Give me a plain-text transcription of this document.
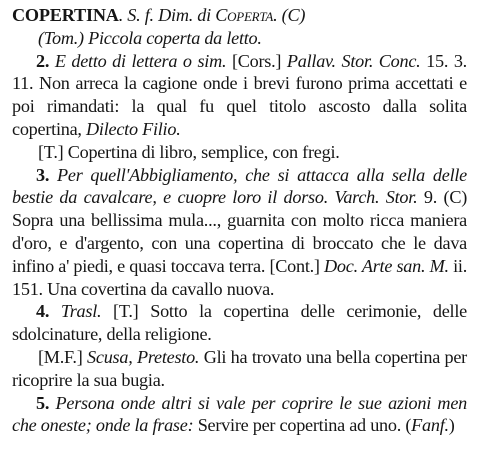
COPERTINA. S. f. Dim. di Coperta. (C)

(Tom.) Piccola coperta da letto.

2. E detto di lettera o sim. [Cors.] Pallav. Stor. Conc. 15. 3. 11. Non arreca la cagione onde i brevi furono prima accettati e poi rimandati: la qual fu quel titolo ascosto dalla solita copertina, Dilecto Filio.

[T.] Copertina di libro, semplice, con fregi.

3. Per quell'Abbigliamento, che si attacca alla sella delle bestie da cavalcare, e cuopre loro il dorso. Varch. Stor. 9. (C) Sopra una bellissima mula..., guarnita con molto ricca maniera d'oro, e d'argento, con una copertina di broccato che le dava infino a' piedi, e quasi toccava terra. [Cont.] Doc. Arte san. M. ii. 151. Una covertina da cavallo nuova.

4. Trasl. [T.] Sotto la copertina delle cerimonie, delle sdolcinature, della religione.

[M.F.] Scusa, Pretesto. Gli ha trovato una bella copertina per ricoprire la sua bugia.

5. Persona onde altri si vale per coprire le sue azioni men che oneste; onde la frase: Servire per copertina ad uno. (Fanf.)
